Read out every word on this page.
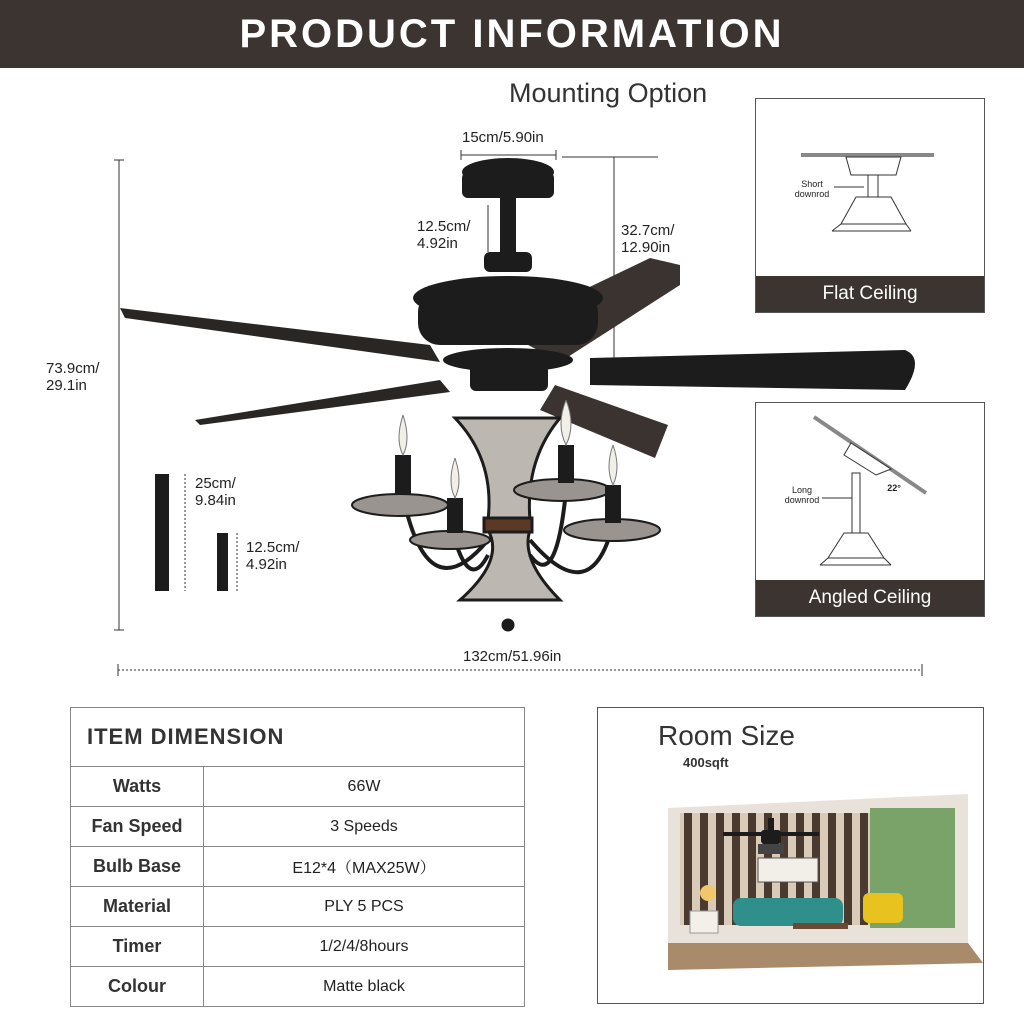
PRODUCT INFORMATION
Mounting Option
15cm/5.90in
12.5cm/
4.92in
32.7cm/
12.90in
73.9cm/
29.1in
25cm/
9.84in
12.5cm/
4.92in
132cm/51.96in
Short
downrod
Flat Ceiling
Long
downrod
22°
Angled Ceiling
ITEM DIMENSION
Watts	66W
Fan Speed	3 Speeds
Bulb Base	E12*4（MAX25W）
Material	PLY 5 PCS
Timer	1/2/4/8hours
Colour	Matte black
Room Size
400sqft
